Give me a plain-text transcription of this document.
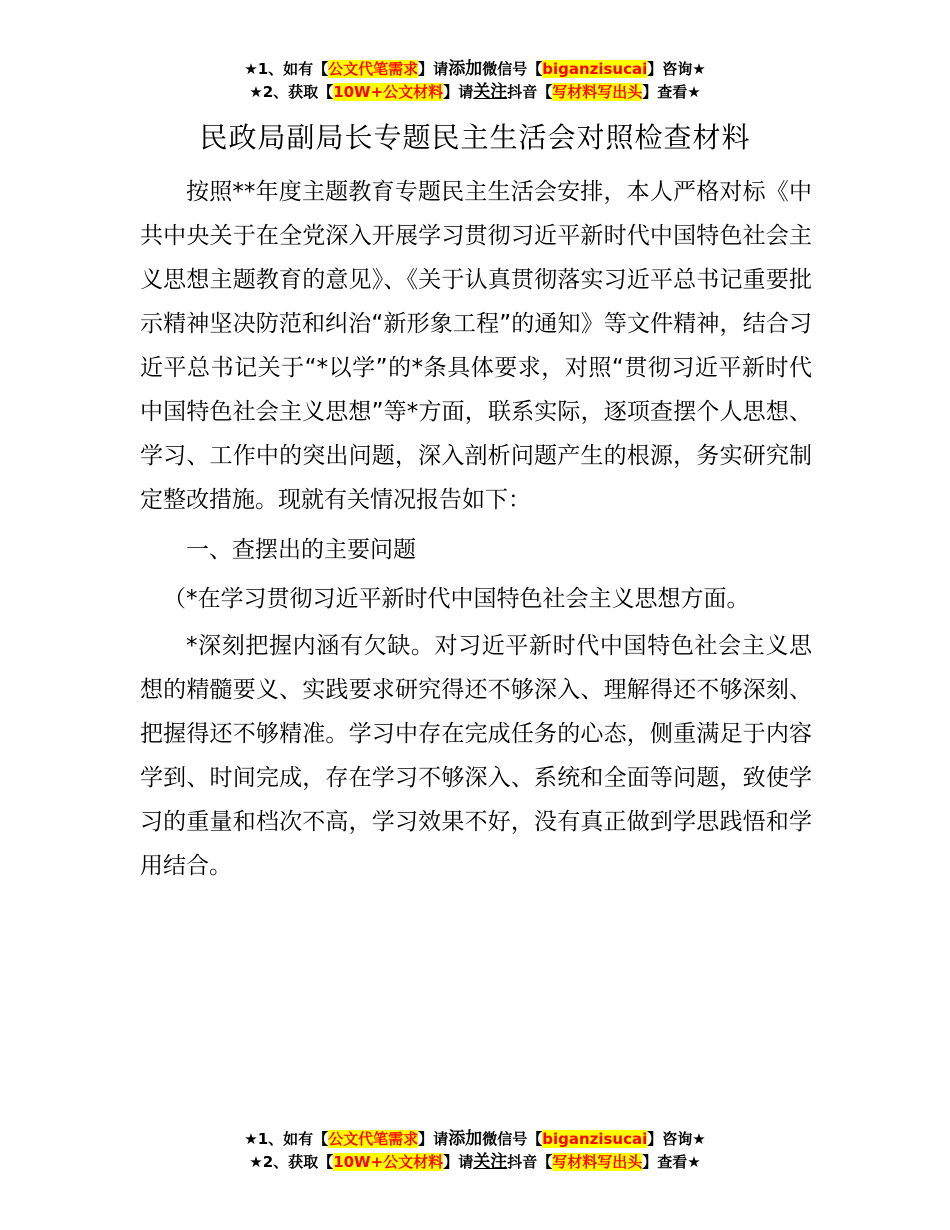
★1、如有【公文代笔需求】请添加微信号【biganzisucai】咨询★
★2、获取【10W+公文材料】请关注抖音【写材料写出头】查看★
民政局副局长专题民主生活会对照检查材料

按照**年度主题教育专题民主生活会安排，本人严格对标《中共中央关于在全党深入开展学习贯彻习近平新时代中国特色社会主义思想主题教育的意见》、《关于认真贯彻落实习近平总书记重要批示精神坚决防范和纠治“新形象工程”的通知》等文件精神，结合习近平总书记关于“*以学”的*条具体要求，对照“贯彻习近平新时代中国特色社会主义思想”等*方面，联系实际，逐项查摆个人思想、学习、工作中的突出问题，深入剖析问题产生的根源，务实研究制定整改措施。现就有关情况报告如下：

一、查摆出的主要问题

（*在学习贯彻习近平新时代中国特色社会主义思想方面。

*深刻把握内涵有欠缺。对习近平新时代中国特色社会主义思想的精髓要义、实践要求研究得还不够深入、理解得还不够深刻、把握得还不够精准。学习中存在完成任务的心态，侧重满足于内容学到、时间完成，存在学习不够深入、系统和全面等问题，致使学习的重量和档次不高，学习效果不好，没有真正做到学思践悟和学用结合。

★1、如有【公文代笔需求】请添加微信号【biganzisucai】咨询★
★2、获取【10W+公文材料】请关注抖音【写材料写出头】查看★
